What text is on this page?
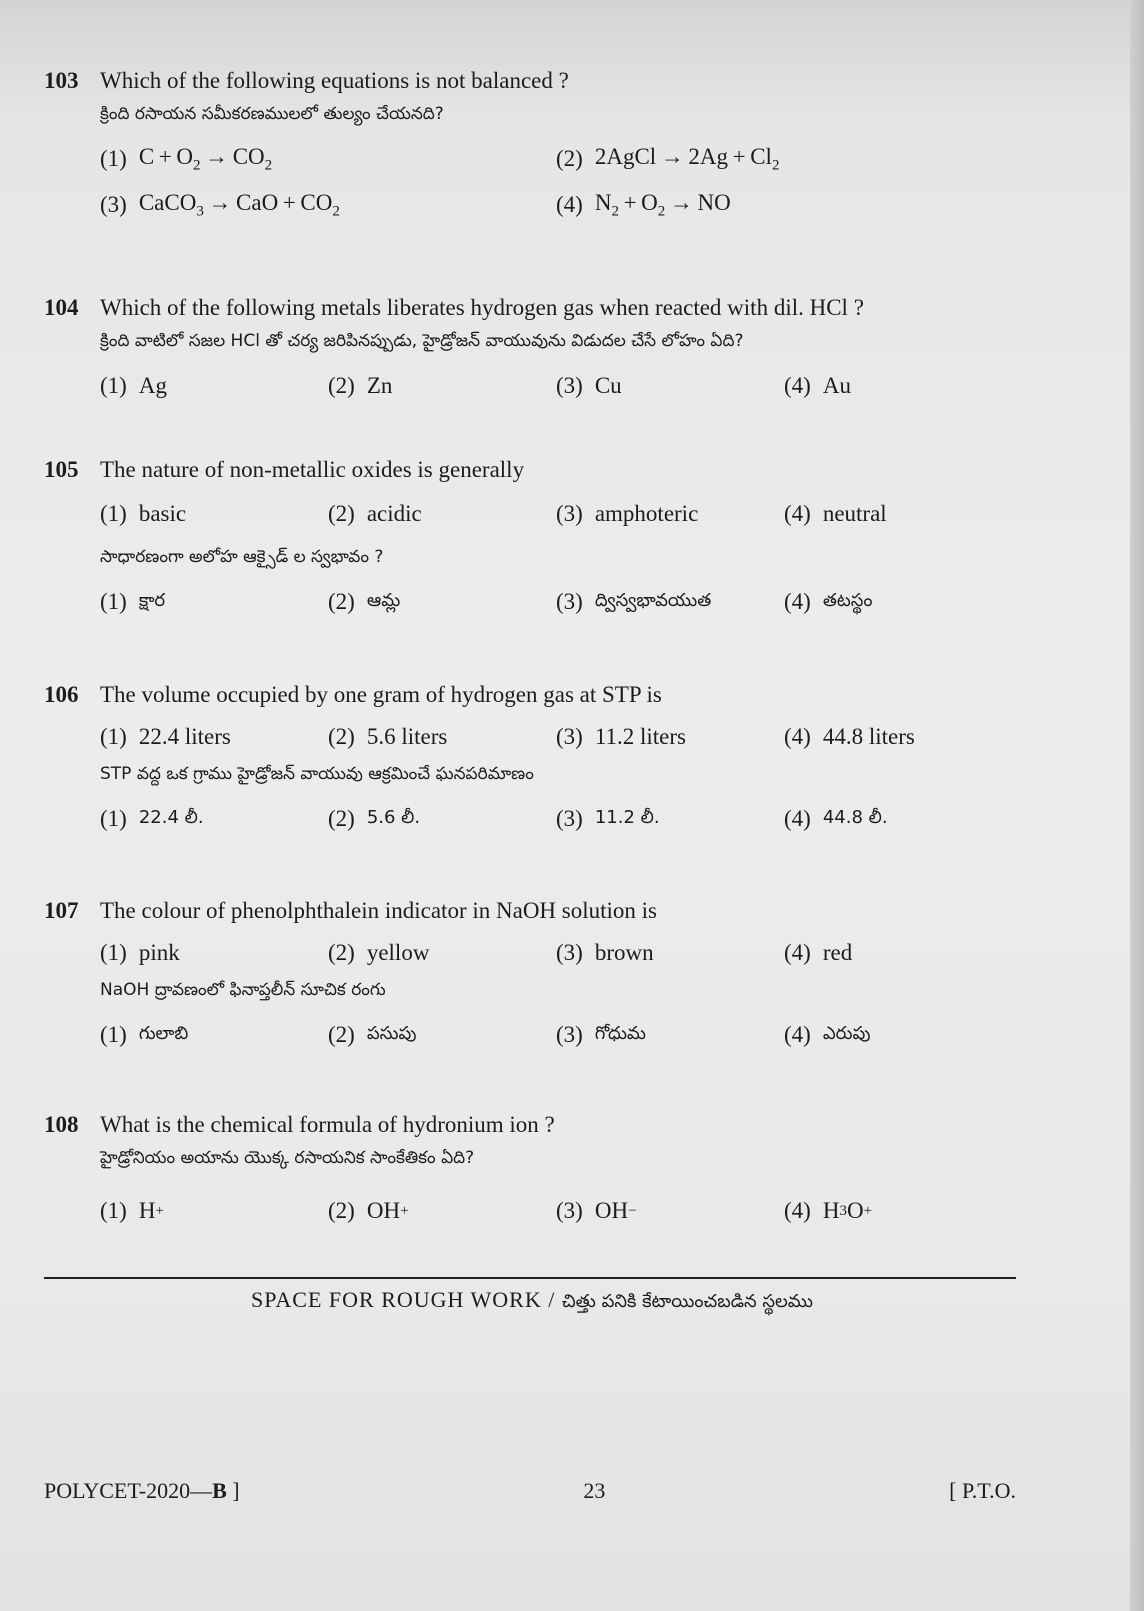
103 Which of the following equations is not balanced ?
క్రింది రసాయన సమీకరణములలో తుల్యం చేయనది?
(1) $C + O_2 \to CO_2$	(2) 2AgCl  →  $2Ag + Cl_2$
(3) CaCO$_3$  →  CaO  +  $CO_2$	(4) $N_2 + O_2$  →  NO
104 Which of the following metals liberates hydrogen gas when reacted with dil. HCl ?
క్రింది వాటిలో సజల HCl తో చర్య జరిపినప్పుడు, హైడ్రోజన్ వాయువును విడుదల చేసే లోహం ఏది?
(1) Ag	(2) Zn	(3) Cu	(4) Au
105 The nature of non-metallic oxides is generally
(1) basic	(2) acidic	(3) amphoteric	(4) neutral
సాధారణంగా అలోహ ఆక్సైడ్ ల స్వభావం ?
(1) క్షార	(2) ఆమ్ల	(3) ద్విస్వభావయుత	(4) తటస్థం
106 The volume occupied by one gram of hydrogen gas at STP is
(1) 22.4 liters	(2) 5.6 liters	(3) 11.2 liters	(4) 44.8 liters
STP వద్ద ఒక గ్రాము హైడ్రోజన్ వాయువు ఆక్రమించే ఘనపరిమాణం
(1) 22.4 లీ.	(2) 5.6 లీ.	(3) 11.2 లీ.	(4) 44.8 లీ.
107 The colour of phenolphthalein indicator in NaOH solution is
(1) pink	(2) yellow	(3) brown	(4) red
NaOH ద్రావణంలో ఫినాప్తలీన్ సూచిక రంగు
(1) గులాబి	(2) పసుపు	(3) గోధుమ	(4) ఎరుపు
108 What is the chemical formula of hydronium ion ?
హైడ్రోనియం అయాను యొక్క రసాయనిక సాంకేతికం ఏది?
(1) H +	(2) OH +	(3) OH −	(4) H 3 O +
SPACE FOR ROUGH WORK / చిత్తు పనికి కేటాయించబడిన స్థలము
POLYCET-2020—B ]	23	[ P.T.O.
